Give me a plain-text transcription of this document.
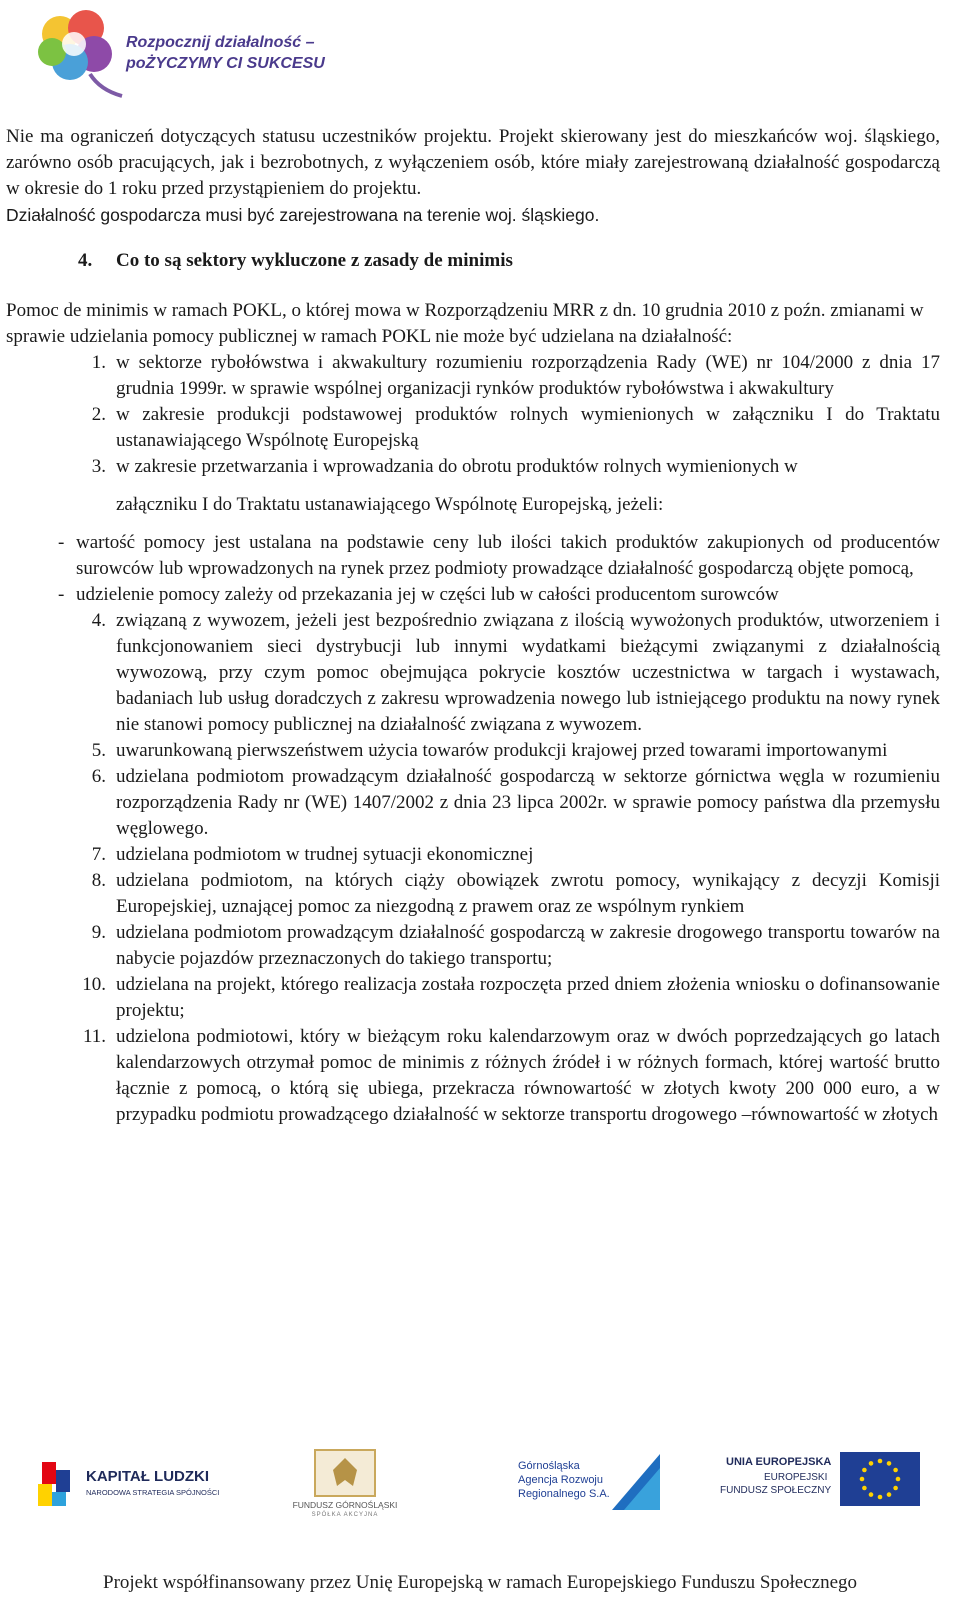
Rozpocznij działalność –
poŻYCZYMY CI SUKCESU

Nie ma ograniczeń dotyczących statusu uczestników projektu. Projekt skierowany jest do mieszkańców woj. śląskiego, zarówno osób pracujących, jak i bezrobotnych, z wyłączeniem osób, które miały zarejestrowaną działalność gospodarczą w okresie do 1 roku przed przystąpieniem do projektu.

Działalność gospodarcza musi być zarejestrowana na terenie woj. śląskiego.

4.	Co to są sektory wykluczone z zasady de minimis

Pomoc de minimis w ramach POKL, o której mowa w Rozporządzeniu MRR z dn. 10 grudnia 2010 z poźn. zmianami w sprawie udzielania pomocy publicznej w ramach POKL nie może być udzielana na działalność:

1. w sektorze rybołówstwa i akwakultury rozumieniu rozporządzenia Rady (WE) nr 104/2000 z dnia 17 grudnia 1999r. w sprawie wspólnej organizacji rynków produktów rybołówstwa i akwakultury
2. w zakresie produkcji podstawowej produktów rolnych wymienionych w załączniku I do Traktatu ustanawiającego Wspólnotę Europejską
3. w zakresie przetwarzania i wprowadzania do obrotu produktów rolnych wymienionych w
załączniku I do Traktatu ustanawiającego Wspólnotę Europejską, jeżeli:
- wartość pomocy jest ustalana na podstawie ceny lub ilości takich produktów zakupionych od producentów surowców lub wprowadzonych na rynek przez podmioty prowadzące działalność gospodarczą objęte pomocą,
- udzielenie pomocy zależy od przekazania jej w części lub w całości producentom surowców
4. związaną z wywozem, jeżeli jest bezpośrednio związana z ilością wywożonych produktów, utworzeniem i funkcjonowaniem sieci dystrybucji lub innymi wydatkami bieżącymi związanymi z działalnością wywozową, przy czym pomoc obejmująca pokrycie kosztów uczestnictwa w targach i wystawach, badaniach lub usług doradczych z zakresu wprowadzenia nowego lub istniejącego produktu na nowy rynek nie stanowi pomocy publicznej na działalność związana z wywozem.
5. uwarunkowaną pierwszeństwem użycia towarów produkcji krajowej przed towarami importowanymi
6. udzielana podmiotom prowadzącym działalność gospodarczą w sektorze górnictwa węgla w rozumieniu rozporządzenia Rady nr (WE) 1407/2002 z dnia 23 lipca 2002r. w sprawie pomocy państwa dla przemysłu węglowego.
7. udzielana podmiotom w trudnej sytuacji ekonomicznej
8. udzielana podmiotom, na których ciąży obowiązek zwrotu pomocy, wynikający z decyzji Komisji Europejskiej, uznającej pomoc za niezgodną z prawem oraz ze wspólnym rynkiem
9. udzielana podmiotom prowadzącym działalność gospodarczą w zakresie drogowego transportu towarów na nabycie pojazdów przeznaczonych do takiego transportu;
10. udzielana na projekt, którego realizacja została rozpoczęta przed dniem złożenia wniosku o dofinansowanie projektu;
11. udzielona podmiotowi, który w bieżącym roku kalendarzowym oraz w dwóch poprzedzających go latach kalendarzowych otrzymał pomoc de minimis z różnych źródeł i w różnych formach, której wartość brutto łącznie z pomocą, o którą się ubiega, przekracza równowartość w złotych kwoty 200 000 euro, a w przypadku podmiotu prowadzącego działalność w sektorze transportu drogowego –równowartość w złotych
KAPITAŁ LUDZKI
NARODOWA STRATEGIA SPÓJNOŚCI
FUNDUSZ GÓRNOŚLĄSKI
SPÓŁKA AKCYJNA
Górnośląska
Agencja Rozwoju
Regionalnego S.A.
UNIA EUROPEJSKA
EUROPEJSKI
FUNDUSZ SPOŁECZNY
Projekt współfinansowany przez Unię Europejską w ramach Europejskiego Funduszu Społecznego
